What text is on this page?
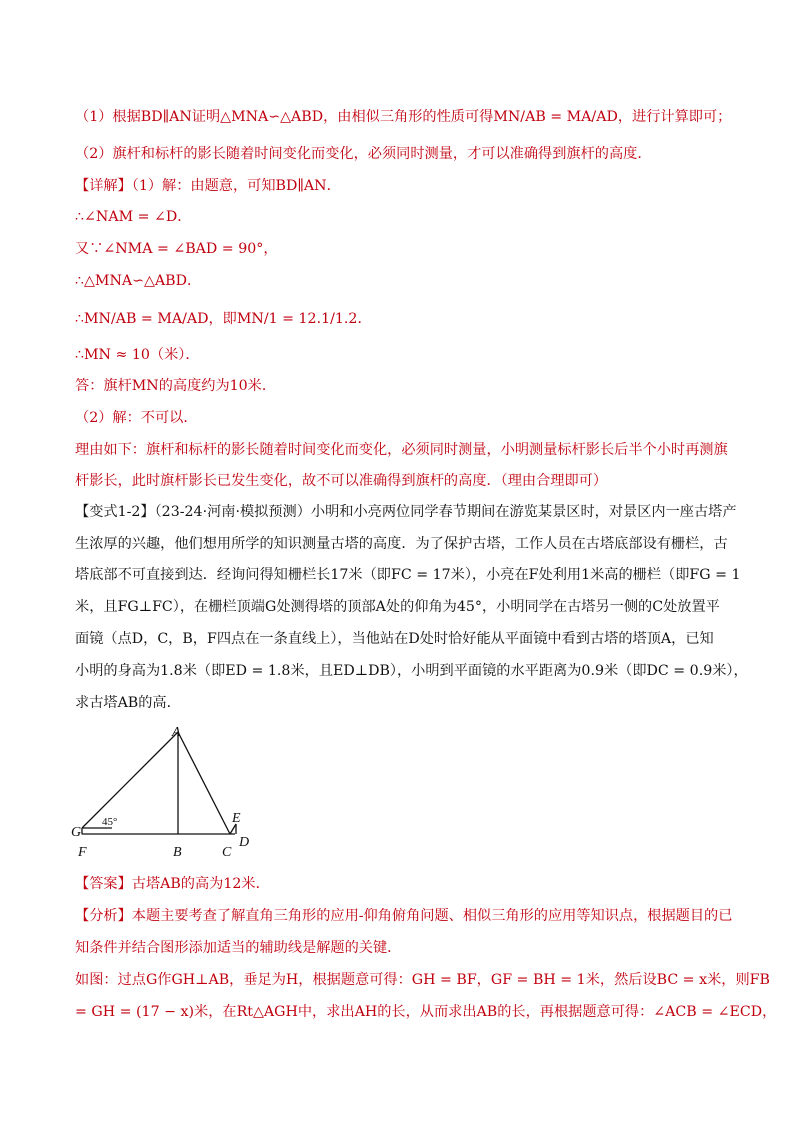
（1）根据BD∥AN证明△MNA∽△ABD，由相似三角形的性质可得MN/AB = MA/AD，进行计算即可；
（2）旗杆和标杆的影长随着时间变化而变化，必须同时测量，才可以准确得到旗杆的高度．
【详解】（1）解：由题意，可知BD∥AN．
∴∠NAM = ∠D．
又∵∠NMA = ∠BAD = 90°，
∴△MNA∽△ABD．
∴MN/AB = MA/AD，即MN/1 = 12.1/1.2．
∴MN ≈ 10（米）．
答：旗杆MN的高度约为10米．
（2）解：不可以．
理由如下：旗杆和标杆的影长随着时间变化而变化，必须同时测量，小明测量标杆影长后半个小时再测旗
杆影长，此时旗杆影长已发生变化，故不可以准确得到旗杆的高度．（理由合理即可）
【变式1-2】（23-24·河南·模拟预测）小明和小亮两位同学春节期间在游览某景区时，对景区内一座古塔产
生浓厚的兴趣，他们想用所学的知识测量古塔的高度．为了保护古塔，工作人员在古塔底部设有栅栏，古
塔底部不可直接到达．经询问得知栅栏长17米（即FC = 17米），小亮在F处利用1米高的栅栏（即FG = 1
米，且FG⊥FC），在栅栏顶端G处测得塔的顶部A处的仰角为45°，小明同学在古塔另一侧的C处放置平
面镜（点D，C，B，F四点在一条直线上），当他站在D处时恰好能从平面镜中看到古塔的塔顶A，已知
小明的身高为1.8米（即ED = 1.8米，且ED⊥DB），小明到平面镜的水平距离为0.9米（即DC = 0.9米），
求古塔AB的高．
A
G
F	B	C
E
D
45°
【答案】古塔AB的高为12米．
【分析】本题主要考查了解直角三角形的应用-仰角俯角问题、相似三角形的应用等知识点，根据题目的已
知条件并结合图形添加适当的辅助线是解题的关键．
如图：过点G作GH⊥AB，垂足为H，根据题意可得：GH = BF，GF = BH = 1米，然后设BC = x米，则FB
= GH = (17 − x)米，在Rt△AGH中，求出AH的长，从而求出AB的长，再根据题意可得：∠ACB = ∠ECD，
